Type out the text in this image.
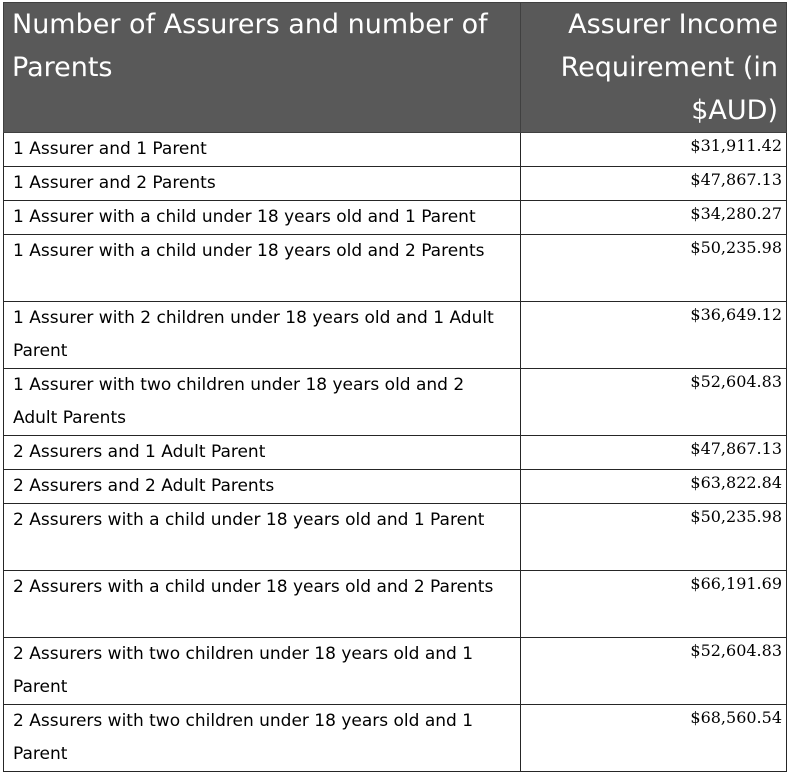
Number of Assurers and number of Parents	Assurer Income Requirement (in $AUD)
1 Assurer and 1 Parent	$31,911.42
1 Assurer and 2 Parents	$47,867.13
1 Assurer with a child under 18 years old and 1 Parent	$34,280.27
1 Assurer with a child under 18 years old and 2 Parents	$50,235.98
1 Assurer with 2 children under 18 years old and 1 Adult Parent	$36,649.12
1 Assurer with two children under 18 years old and 2 Adult Parents	$52,604.83
2 Assurers and 1 Adult Parent	$47,867.13
2 Assurers and 2 Adult Parents	$63,822.84
2 Assurers with a child under 18 years old and 1 Parent	$50,235.98
2 Assurers with a child under 18 years old and 2 Parents	$66,191.69
2 Assurers with two children under 18 years old and 1 Parent	$52,604.83
2 Assurers with two children under 18 years old and 1 Parent	$68,560.54
